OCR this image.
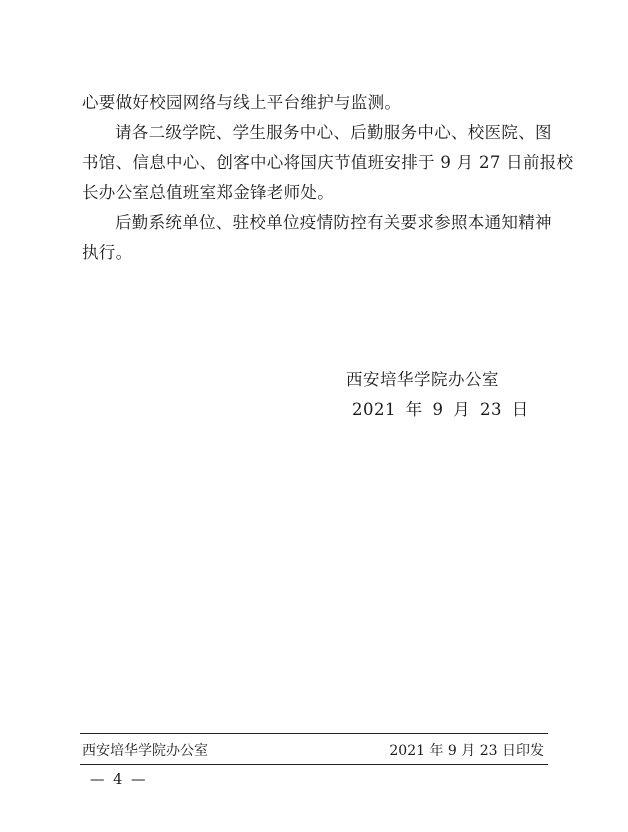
心要做好校园网络与线上平台维护与监测。

请各二级学院、学生服务中心、后勤服务中心、校医院、图
书馆、信息中心、创客中心将国庆节值班安排于 9 月 27 日前报校
长办公室总值班室郑金锋老师处。

后勤系统单位、驻校单位疫情防控有关要求参照本通知精神
执行。

西安培华学院办公室
2021 年 9 月 23 日
西安培华学院办公室	2021 年 9 月 23 日印发
— 4 —
